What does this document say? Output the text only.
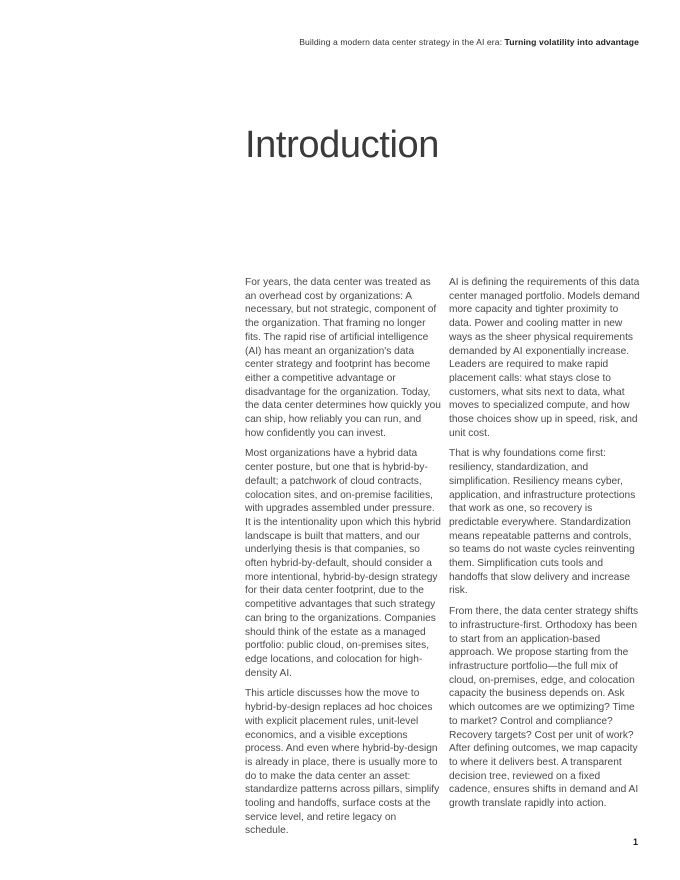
Building a modern data center strategy in the AI era: Turning volatility into advantage
Introduction

For years, the data center was treated as an overhead cost by organizations: A necessary, but not strategic, component of the organization. That framing no longer fits. The rapid rise of artificial intelligence (AI) has meant an organization's data center strategy and footprint has become either a competitive advantage or disadvantage for the organization. Today, the data center determines how quickly you can ship, how reliably you can run, and how confidently you can invest.

Most organizations have a hybrid data center posture, but one that is hybrid-by-default; a patchwork of cloud contracts, colocation sites, and on-premise facilities, with upgrades assembled under pressure. It is the intentionality upon which this hybrid landscape is built that matters, and our underlying thesis is that companies, so often hybrid-by-default, should consider a more intentional, hybrid-by-design strategy for their data center footprint, due to the competitive advantages that such strategy can bring to the organizations. Companies should think of the estate as a managed portfolio: public cloud, on-premises sites, edge locations, and colocation for high-density AI.

This article discusses how the move to hybrid-by-design replaces ad hoc choices with explicit placement rules, unit-level economics, and a visible exceptions process. And even where hybrid-by-design is already in place, there is usually more to do to make the data center an asset: standardize patterns across pillars, simplify tooling and handoffs, surface costs at the service level, and retire legacy on schedule.

AI is defining the requirements of this data center managed portfolio. Models demand more capacity and tighter proximity to data. Power and cooling matter in new ways as the sheer physical requirements demanded by AI exponentially increase. Leaders are required to make rapid placement calls: what stays close to customers, what sits next to data, what moves to specialized compute, and how those choices show up in speed, risk, and unit cost.

That is why foundations come first: resiliency, standardization, and simplification. Resiliency means cyber, application, and infrastructure protections that work as one, so recovery is predictable everywhere. Standardization means repeatable patterns and controls, so teams do not waste cycles reinventing them. Simplification cuts tools and handoffs that slow delivery and increase risk.

From there, the data center strategy shifts to infrastructure-first. Orthodoxy has been to start from an application-based approach. We propose starting from the infrastructure portfolio—the full mix of cloud, on-premises, edge, and colocation capacity the business depends on. Ask which outcomes are we optimizing? Time to market? Control and compliance? Recovery targets? Cost per unit of work? After defining outcomes, we map capacity to where it delivers best. A transparent decision tree, reviewed on a fixed cadence, ensures shifts in demand and AI growth translate rapidly into action.

1
